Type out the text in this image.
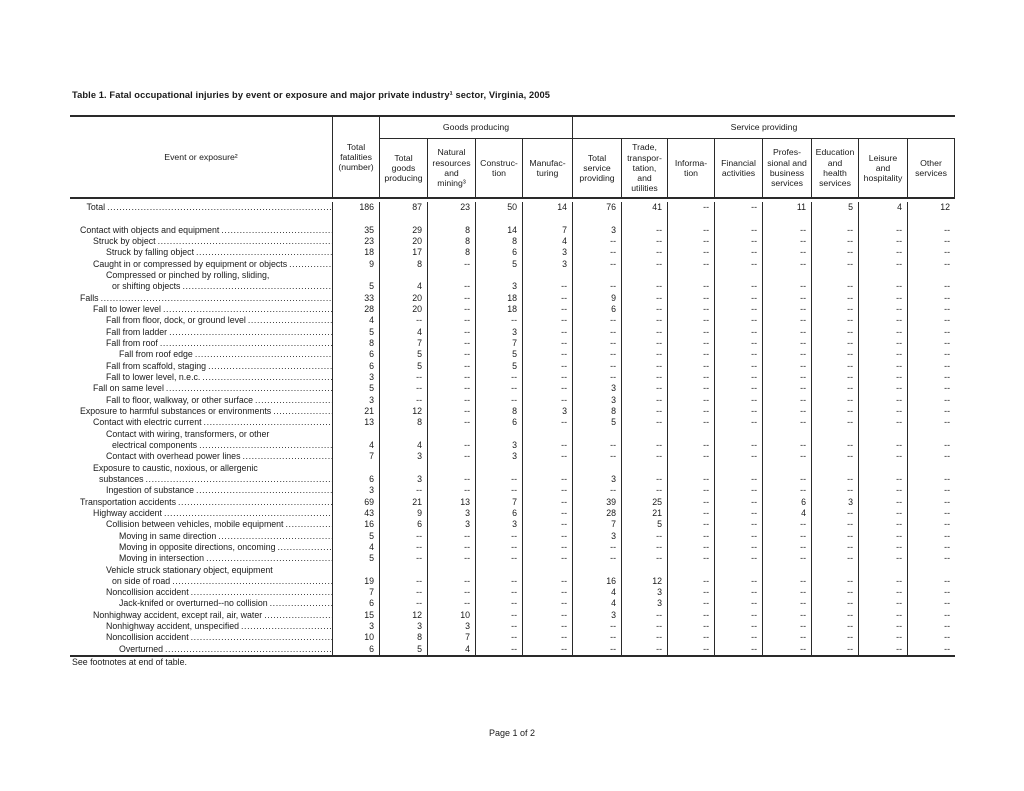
Table 1. Fatal occupational injuries by event or exposure and major private industry¹ sector, Virginia, 2005
Event or exposure²
Total fatalities (number)
Goods producing	Service providing
Total goods producing
Natural resources and mining³
Construc- tion
Manufac- turing
Total service providing
Trade, transpor- tation, and utilities
Informa- tion
Financial activities
Profes- sional and business services
Education and health services
Leisure and hospitality
Other services
Total .....	186	87	23	50	14	76	41	--	--	11	5	4	12
Contact with objects and equipment .....	35	29	8	14	7	3	--	--	--	--	--	--	--
Struck by object .....	23	20	8	8	4	--	--	--	--	--	--	--	--
Struck by falling object .....	18	17	8	6	3	--	--	--	--	--	--	--	--
Caught in or compressed by equipment or objects .....	9	8	--	5	3	--	--	--	--	--	--	--	--
Compressed or pinched by rolling, sliding,
or shifting objects .....	5	4	--	3	--	--	--	--	--	--	--	--	--
Falls .....	33	20	--	18	--	9	--	--	--	--	--	--	--
Fall to lower level .....	28	20	--	18	--	6	--	--	--	--	--	--	--
Fall from floor, dock, or ground level .....	4	--	--	--	--	--	--	--	--	--	--	--	--
Fall from ladder .....	5	4	--	3	--	--	--	--	--	--	--	--	--
Fall from roof .....	8	7	--	7	--	--	--	--	--	--	--	--	--
Fall from roof edge .....	6	5	--	5	--	--	--	--	--	--	--	--	--
Fall from scaffold, staging .....	6	5	--	5	--	--	--	--	--	--	--	--	--
Fall to lower level, n.e.c. .....	3	--	--	--	--	--	--	--	--	--	--	--	--
Fall on same level .....	5	--	--	--	--	3	--	--	--	--	--	--	--
Fall to floor, walkway, or other surface .....	3	--	--	--	--	3	--	--	--	--	--	--	--
Exposure to harmful substances or environments .....	21	12	--	8	3	8	--	--	--	--	--	--	--
Contact with electric current .....	13	8	--	6	--	5	--	--	--	--	--	--	--
Contact with wiring, transformers, or other
electrical components .....	4	4	--	3	--	--	--	--	--	--	--	--	--
Contact with overhead power lines .....	7	3	--	3	--	--	--	--	--	--	--	--	--
Exposure to caustic, noxious, or allergenic
substances .....	6	3	--	--	--	3	--	--	--	--	--	--	--
Ingestion of substance .....	3	--	--	--	--	--	--	--	--	--	--	--	--
Transportation accidents .....	69	21	13	7	--	39	25	--	--	6	3	--	--
Highway accident .....	43	9	3	6	--	28	21	--	--	4	--	--	--
Collision between vehicles, mobile equipment .....	16	6	3	3	--	7	5	--	--	--	--	--	--
Moving in same direction .....	5	--	--	--	--	3	--	--	--	--	--	--	--
Moving in opposite directions, oncoming .....	4	--	--	--	--	--	--	--	--	--	--	--	--
Moving in intersection .....	5	--	--	--	--	--	--	--	--	--	--	--	--
Vehicle struck stationary object, equipment
on side of road .....	19	--	--	--	--	16	12	--	--	--	--	--	--
Noncollision accident .....	7	--	--	--	--	4	3	--	--	--	--	--	--
Jack-knifed or overturned--no collision .....	6	--	--	--	--	4	3	--	--	--	--	--	--
Nonhighway accident, except rail, air, water .....	15	12	10	--	--	3	--	--	--	--	--	--	--
Nonhighway accident, unspecified .....	3	3	3	--	--	--	--	--	--	--	--	--	--
Noncollision accident .....	10	8	7	--	--	--	--	--	--	--	--	--	--
Overturned .....	6	5	4	--	--	--	--	--	--	--	--	--	--
See footnotes at end of table.
Page 1 of 2
